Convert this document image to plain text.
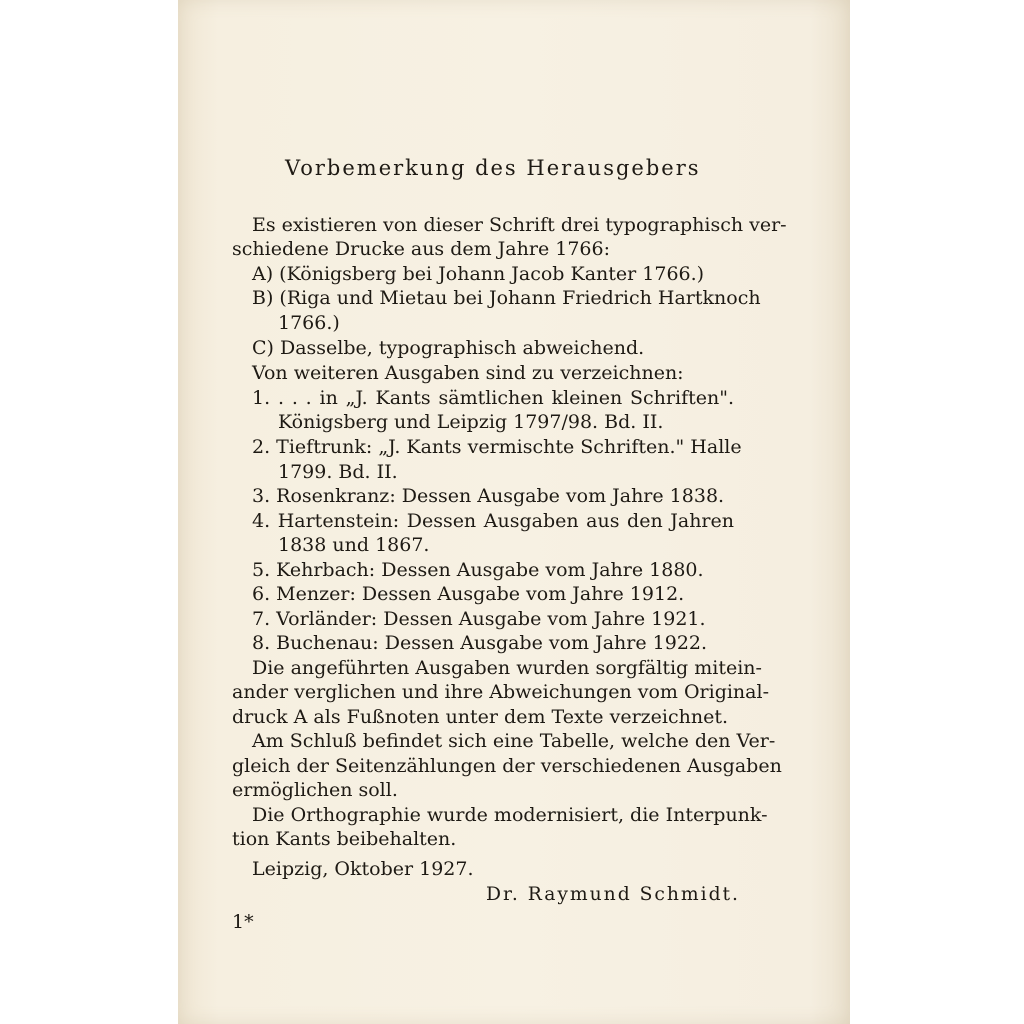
Vorbemerkung des Herausgebers
Es existieren von dieser Schrift drei typographisch ver-
schiedene Drucke aus dem Jahre 1766:
A) (Königsberg bei Johann Jacob Kanter 1766.)
B) (Riga und Mietau bei Johann Friedrich Hartknoch
1766.)
C) Dasselbe, typographisch abweichend.
Von weiteren Ausgaben sind zu verzeichnen:
1. . . . in „J. Kants sämtlichen kleinen Schriften".
Königsberg und Leipzig 1797/98. Bd. II.
2. Tieftrunk: „J. Kants vermischte Schriften." Halle
1799. Bd. II.
3. Rosenkranz: Dessen Ausgabe vom Jahre 1838.
4. Hartenstein: Dessen Ausgaben aus den Jahren
1838 und 1867.
5. Kehrbach: Dessen Ausgabe vom Jahre 1880.
6. Menzer: Dessen Ausgabe vom Jahre 1912.
7. Vorländer: Dessen Ausgabe vom Jahre 1921.
8. Buchenau: Dessen Ausgabe vom Jahre 1922.
Die angeführten Ausgaben wurden sorgfältig mitein-
ander verglichen und ihre Abweichungen vom Original-
druck A als Fußnoten unter dem Texte verzeichnet.
Am Schluß befindet sich eine Tabelle, welche den Ver-
gleich der Seitenzählungen der verschiedenen Ausgaben
ermöglichen soll.
Die Orthographie wurde modernisiert, die Interpunk-
tion Kants beibehalten.
Leipzig, Oktober 1927.
Dr. Raymund Schmidt.
1*
